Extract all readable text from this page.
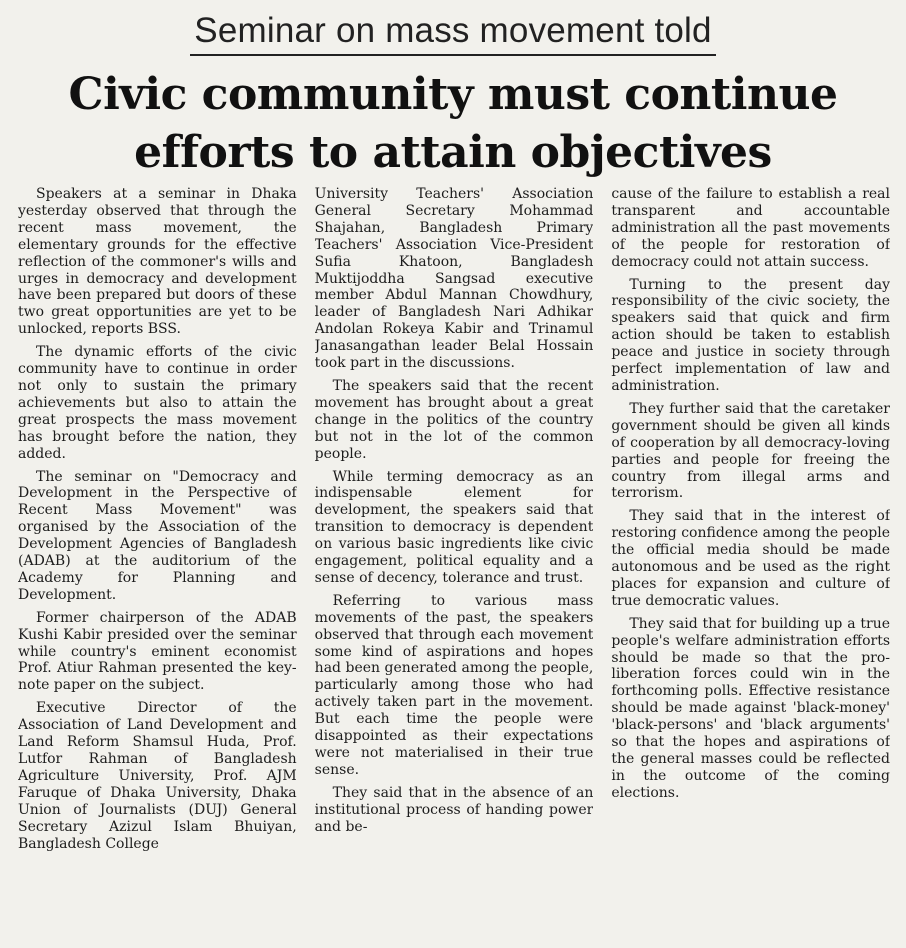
Seminar on mass movement told
Civic community must continue efforts to attain objectives

Speakers at a seminar in Dhaka yesterday observed that through the recent mass movement, the elementary grounds for the effective reflection of the commoner's wills and urges in democracy and development have been prepared but doors of these two great opportunities are yet to be unlocked, reports BSS.

The dynamic efforts of the civic community have to continue in order not only to sustain the primary achievements but also to attain the great prospects the mass movement has brought before the nation, they added.

The seminar on "Democracy and Development in the Perspective of Recent Mass Movement" was organised by the Association of the Development Agencies of Bangladesh (ADAB) at the auditorium of the Academy for Planning and Development.

Former chairperson of the ADAB Kushi Kabir presided over the seminar while country's eminent economist Prof. Atiur Rahman presented the key-note paper on the subject.

Executive Director of the Association of Land Development and Land Reform Shamsul Huda, Prof. Lutfor Rahman of Bangladesh Agriculture University, Prof. AJM Faruque of Dhaka University, Dhaka Union of Journalists (DUJ) General Secretary Azizul Islam Bhuiyan, Bangladesh College

University Teachers' Association General Secretary Mohammad Shajahan, Bangladesh Primary Teachers' Association Vice-President Sufia Khatoon, Bangladesh Muktijoddha Sangsad executive member Abdul Mannan Chowdhury, leader of Bangladesh Nari Adhikar Andolan Rokeya Kabir and Trinamul Janasangathan leader Belal Hossain took part in the discussions.

The speakers said that the recent movement has brought about a great change in the politics of the country but not in the lot of the common people.

While terming democracy as an indispensable element for development, the speakers said that transition to democracy is dependent on various basic ingredients like civic engagement, political equality and a sense of decency, tolerance and trust.

Referring to various mass movements of the past, the speakers observed that through each movement some kind of aspirations and hopes had been generated among the people, particularly among those who had actively taken part in the movement. But each time the people were disappointed as their expectations were not materialised in their true sense.

They said that in the absence of an institutional process of handing power and be-

cause of the failure to establish a real transparent and accountable administration all the past movements of the people for restoration of democracy could not attain success.

Turning to the present day responsibility of the civic society, the speakers said that quick and firm action should be taken to establish peace and justice in society through perfect implementation of law and administration.

They further said that the caretaker government should be given all kinds of cooperation by all democracy-loving parties and people for freeing the country from illegal arms and terrorism.

They said that in the interest of restoring confidence among the people the official media should be made autonomous and be used as the right places for expansion and culture of true democratic values.

They said that for building up a true people's welfare administration efforts should be made so that the pro-liberation forces could win in the forthcoming polls. Effective resistance should be made against 'black-money' 'black-persons' and 'black arguments' so that the hopes and aspirations of the general masses could be reflected in the outcome of the coming elections.
